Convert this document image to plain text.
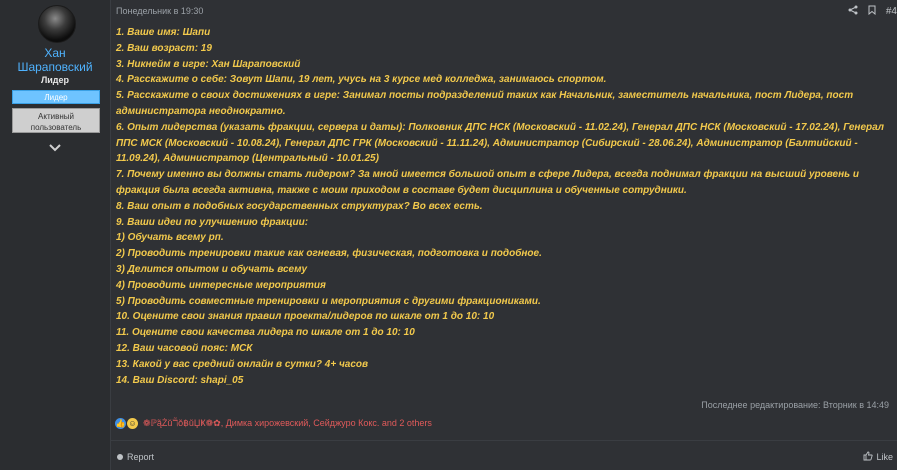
Хан
Шараповский
Лидер
Лидер
Активный
пользователь
Понедельник в 19:30	#4
1. Ваше имя: Шапи
2. Ваш возраст: 19
3. Никнейм в игре: Хан Шараповский
4. Расскажите о себе: Зовут Шапи, 19 лет, учусь на 3 курсе мед колледжа, занимаюсь спортом.
5. Расскажите о своих достижениях в игре: Занимал посты подразделений таких как Начальник, заместитель начальника, пост Лидера, пост администратора неоднократно.
6. Опыт лидерства (указать фракции, сервера и даты): Полковник ДПС НСК (Московский - 11.02.24), Генерал ДПС НСК (Московский - 17.02.24), Генерал ППС МСК (Московский - 10.08.24), Генерал ДПС ГРК (Московский - 11.11.24), Администратор (Сибирский - 28.06.24), Администратор (Балтийский - 11.09.24), Администратор (Центральный - 10.01.25)
7. Почему именно вы должны стать лидером? За мной имеется большой опыт в сфере Лидера, всегда поднимал фракции на высший уровень и фракция была всегда активна, также с моим приходом в составе будет дисциплина и обученные сотрудники.
8. Ваш опыт в подобных государственных структурах? Во всех есть.
9. Ваши идеи по улучшению фракции:
1) Обучать всему рп.
2) Проводить тренировки такие как огневая, физическая, подготовка и подобное.
3) Делится опытом и обучать всему
4) Проводить интересные мероприятия
5) Проводить совместные тренировки и мероприятия с другими фракциониками.
10. Оцените свои знания правил проекта/лидеров по шкале от 1 до 10: 10
11. Оцените свои качества лидера по шкале от 1 до 10: 10
12. Ваш часовой пояс: МСК
13. Какой у вас средний онлайн в сутки? 4+ часов
14. Ваш Discord: shapi_05
Последнее редактирование: Вторник в 14:49
👍 ☺ ❁ℙą̃Żŭℸ̃ŏ฿ŭЏҜ❁✿, Димка хирожевский, Сейджуро Кокс. and 2 others
Report	Like
